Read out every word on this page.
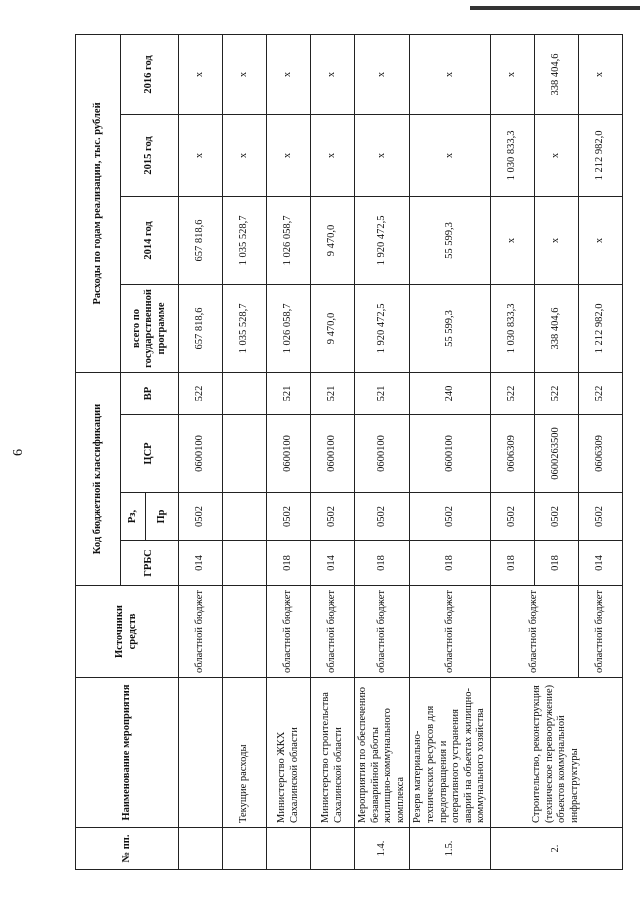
6
№ пп.	Наименование мероприятия	Источники средств	Код бюджетной классификации				Расходы по годам реализации, тыс. рублей			
			ГРБС	Рз,	ЦСР	ВР	всего по государственной программе	2014 год	2015 год	2016 год
				Пр						
		областной бюджет	014	0502	0600100	522	657 818,6	657 818,6	x	x
	Текущие расходы						1 035 528,7	1 035 528,7	x	x
	Министерство ЖКХ Сахалинской области	областной бюджет	018	0502	0600100	521	1 026 058,7	1 026 058,7	x	x
	Министерство строительства Сахалинской области	областной бюджет	014	0502	0600100	521	9 470,0	9 470,0	x	x
1.4.	Мероприятия по обеспечению безаварийной работы жилищно-коммунального комплекса	областной бюджет	018	0502	0600100	521	1 920 472,5	1 920 472,5	x	x
1.5.	Резерв материально-технических ресурсов для предотвращения и оперативного устранения аварий на объектах жилищно-коммунального хозяйства	областной бюджет	018	0502	0600100	240	55 599,3	55 599,3	x	x
2.	Строительство, реконструкция (техническое перевооружение) объектов коммунальной инфраструктуры	областной бюджет	018	0502	0606309	522	1 030 833,3	x	1 030 833,3	x
			018	0502	0600263500	522	338 404,6	x	x	338 404,6
		областной бюджет	014	0502	0606309	522	1 212 982,0	x	1 212 982,0	x
